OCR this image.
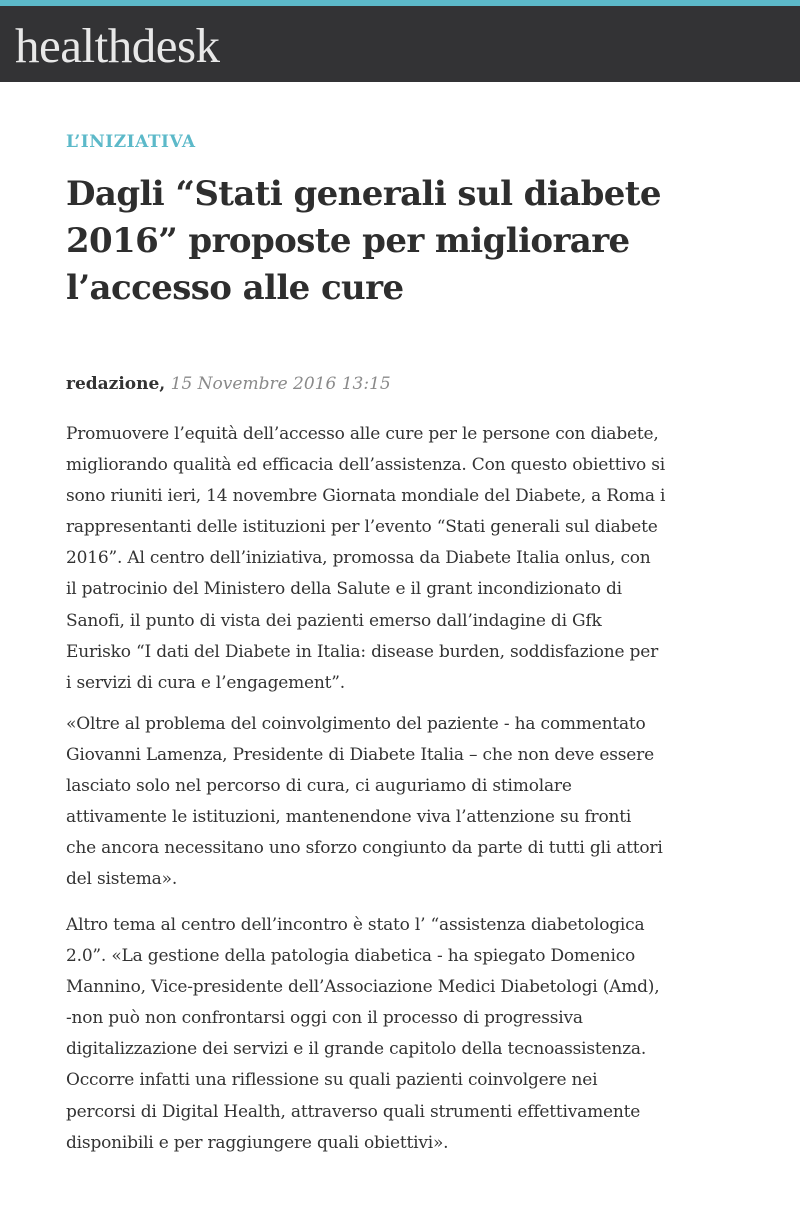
healthdesk
L’INIZIATIVA
Dagli “Stati generali sul diabete
2016” proposte per migliorare
l’accesso alle cure
redazione, 15 Novembre 2016 13:15

Promuovere l’equità dell’accesso alle cure per le persone con diabete,
migliorando qualità ed efficacia dell’assistenza. Con questo obiettivo si
sono riuniti ieri, 14 novembre Giornata mondiale del Diabete, a Roma i
rappresentanti delle istituzioni per l’evento “Stati generali sul diabete
2016”. Al centro dell’iniziativa, promossa da Diabete Italia onlus, con
il patrocinio del Ministero della Salute e il grant incondizionato di
Sanofi, il punto di vista dei pazienti emerso dall’indagine di Gfk
Eurisko “I dati del Diabete in Italia: disease burden, soddisfazione per
i servizi di cura e l’engagement”.

«Oltre al problema del coinvolgimento del paziente - ha commentato
Giovanni Lamenza, Presidente di Diabete Italia – che non deve essere
lasciato solo nel percorso di cura, ci auguriamo di stimolare
attivamente le istituzioni, mantenendone viva l’attenzione su fronti
che ancora necessitano uno sforzo congiunto da parte di tutti gli attori
del sistema».

Altro tema al centro dell’incontro è stato l’ “assistenza diabetologica
2.0”. «La gestione della patologia diabetica - ha spiegato Domenico
Mannino, Vice-presidente dell’Associazione Medici Diabetologi (Amd),
-non può non confrontarsi oggi con il processo di progressiva
digitalizzazione dei servizi e il grande capitolo della tecnoassistenza.
Occorre infatti una riflessione su quali pazienti coinvolgere nei
percorsi di Digital Health, attraverso quali strumenti effettivamente
disponibili e per raggiungere quali obiettivi».
